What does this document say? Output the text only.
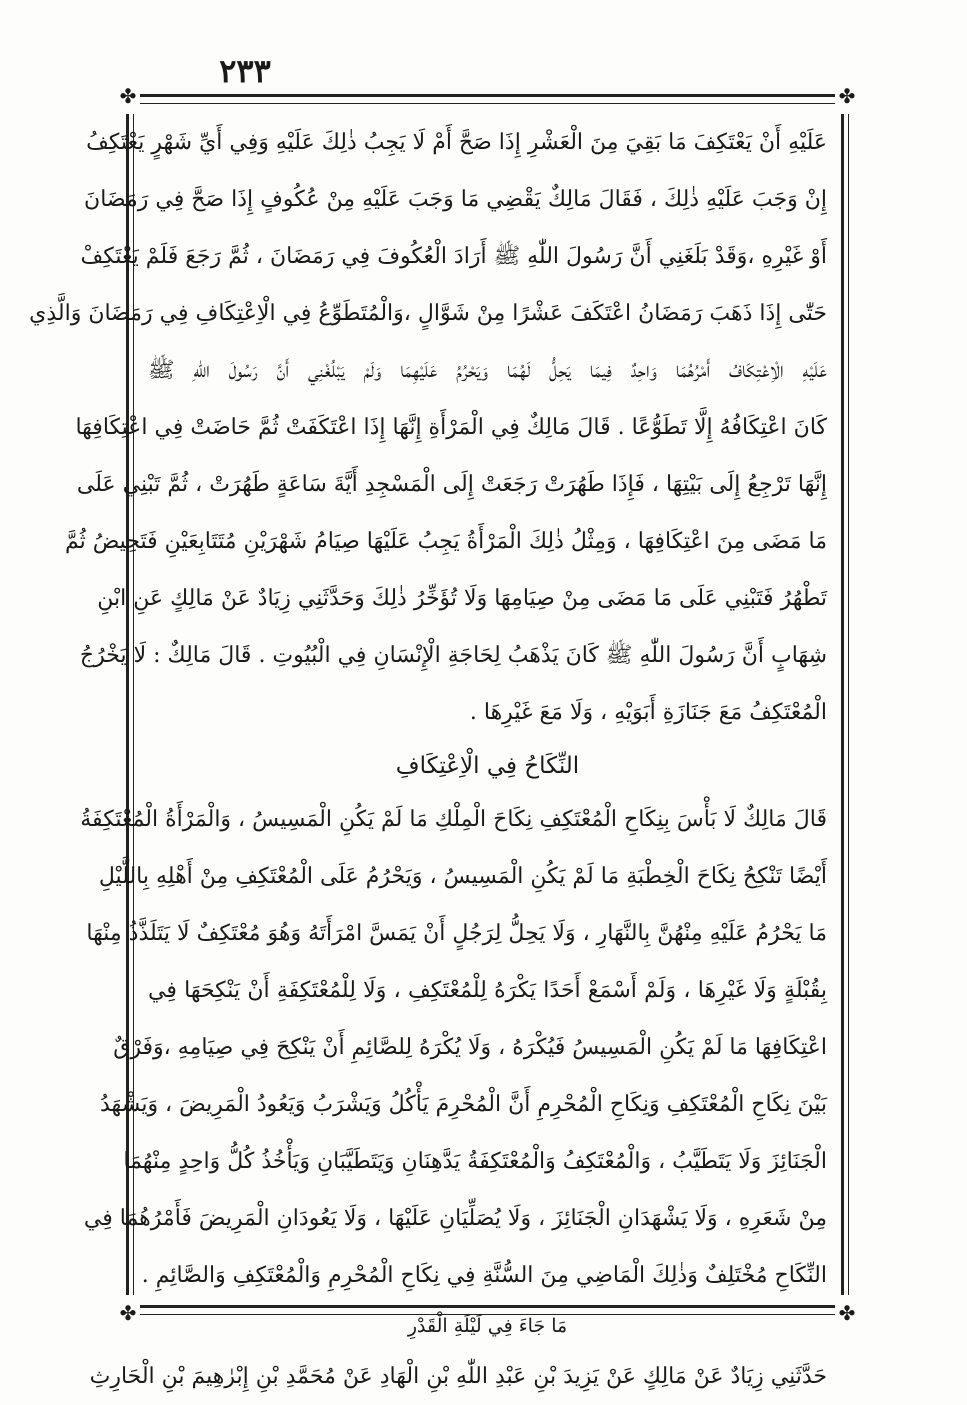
٢٣٣
✤	✤
✤	✤
عَلَيْهِ أَنْ يَعْتَكِفَ مَا بَقِيَ مِنَ الْعَشْرِ إِذَا صَحَّ أَمْ لَا يَجِبُ ذٰلِكَ عَلَيْهِ وَفِي أَيِّ شَهْرٍ يَعْتَكِفُ
إِنْ وَجَبَ عَلَيْهِ ذٰلِكَ ، فَقَالَ مَالِكٌ يَقْضِي مَا وَجَبَ عَلَيْهِ مِنْ عُكُوفٍ إِذَا صَحَّ فِي رَمَضَانَ
أَوْ غَيْرِهِ ،وَقَدْ بَلَغَنِي أَنَّ رَسُولَ اللّٰهِ ﷺ أَرَادَ الْعُكُوفَ فِي رَمَضَانَ ، ثُمَّ رَجَعَ فَلَمْ يَعْتَكِفْ
حَتّٰى إِذَا ذَهَبَ رَمَضَانُ اعْتَكَفَ عَشْرًا مِنْ شَوَّالٍ ،وَالْمُتَطَوِّعُ فِي الْاِعْتِكَافِ فِي رَمَضَانَ وَالَّذِي
عَلَيْهِ الْاِعْتِكَافُ أَمْرُهُمَا وَاحِدٌ فِيمَا يَحِلُّ لَهُمَا وَيَحْرُمُ عَلَيْهِمَا وَلَمْ يَبْلُغْنِي أَنَّ رَسُولَ اللّٰهِ ﷺ
كَانَ اعْتِكَافُهُ إِلَّا تَطَوُّعًا . قَالَ مَالِكٌ فِي الْمَرْأَةِ إِنَّهَا إِذَا اعْتَكَفَتْ ثُمَّ حَاضَتْ فِي اعْتِكَافِهَا
إِنَّهَا تَرْجِعُ إِلَى بَيْتِهَا ، فَإِذَا طَهُرَتْ رَجَعَتْ إِلَى الْمَسْجِدِ أَيَّةَ سَاعَةٍ طَهُرَتْ ، ثُمَّ تَبْنِي عَلَى
مَا مَضَى مِنَ اعْتِكَافِهَا ، وَمِثْلُ ذٰلِكَ الْمَرْأَةُ يَجِبُ عَلَيْهَا صِيَامُ شَهْرَيْنِ مُتَتَابِعَيْنِ فَتَحِيضُ ثُمَّ
تَطْهُرُ فَتَبْنِي عَلَى مَا مَضَى مِنْ صِيَامِهَا وَلَا تُؤَخِّرُ ذٰلِكَ وَحَدَّثَنِي زِيَادٌ عَنْ مَالِكٍ عَنِ ابْنِ
شِهَابٍ أَنَّ رَسُولَ اللّٰهِ ﷺ كَانَ يَذْهَبُ لِحَاجَةِ الْإِنْسَانِ فِي الْبُيُوتِ . قَالَ مَالِكٌ : لَا يَخْرُجُ
الْمُعْتَكِفُ مَعَ جَنَازَةِ أَبَوَيْهِ ، وَلَا مَعَ غَيْرِهَا .
النِّكَاحُ فِي الْاِعْتِكَافِ
قَالَ مَالِكٌ لَا بَأْسَ بِنِكَاحِ الْمُعْتَكِفِ نِكَاحَ الْمِلْكِ مَا لَمْ يَكُنِ الْمَسِيسُ ، وَالْمَرْأَةُ الْمُعْتَكِفَةُ
أَيْضًا تَنْكِحُ نِكَاحَ الْخِطْبَةِ مَا لَمْ يَكُنِ الْمَسِيسُ ، وَيَحْرُمُ عَلَى الْمُعْتَكِفِ مِنْ أَهْلِهِ بِاللَّيْلِ
مَا يَحْرُمُ عَلَيْهِ مِنْهُنَّ بِالنَّهَارِ ، وَلَا يَحِلُّ لِرَجُلٍ أَنْ يَمَسَّ امْرَأَتَهُ وَهُوَ مُعْتَكِفٌ لَا يَتَلَذَّذُ مِنْهَا
بِقُبْلَةٍ وَلَا غَيْرِهَا ، وَلَمْ أَسْمَعْ أَحَدًا يَكْرَهُ لِلْمُعْتَكِفِ ، وَلَا لِلْمُعْتَكِفَةِ أَنْ يَنْكِحَهَا فِي
اعْتِكَافِهَا مَا لَمْ يَكُنِ الْمَسِيسُ فَيُكْرَهُ ، وَلَا يُكْرَهُ لِلصَّائِمِ أَنْ يَنْكِحَ فِي صِيَامِهِ ،وَفَرْقٌ
بَيْنَ نِكَاحِ الْمُعْتَكِفِ وَنِكَاحِ الْمُحْرِمِ أَنَّ الْمُحْرِمَ يَأْكُلُ وَيَشْرَبُ وَيَعُودُ الْمَرِيضَ ، وَيَشْهَدُ
الْجَنَائِزَ وَلَا يَتَطَيَّبُ ، وَالْمُعْتَكِفُ وَالْمُعْتَكِفَةُ يَدَّهِنَانِ وَيَتَطَيَّبَانِ وَيَأْخُذُ كُلُّ وَاحِدٍ مِنْهُمَا
مِنْ شَعَرِهِ ، وَلَا يَشْهَدَانِ الْجَنَائِزَ ، وَلَا يُصَلِّيَانِ عَلَيْهَا ، وَلَا يَعُودَانِ الْمَرِيضَ فَأَمْرُهُمَا فِي
النِّكَاحِ مُخْتَلِفٌ وَذٰلِكَ الْمَاضِي مِنَ السُّنَّةِ فِي نِكَاحِ الْمُحْرِمِ وَالْمُعْتَكِفِ وَالصَّائِمِ .
مَا جَاءَ فِي لَيْلَةِ الْقَدْرِ
حَدَّثَنِي زِيَادٌ عَنْ مَالِكٍ عَنْ يَزِيدَ بْنِ عَبْدِ اللّٰهِ بْنِ الْهَادِ عَنْ مُحَمَّدِ بْنِ إِبْرٰهِيمَ بْنِ الْحَارِثِ
